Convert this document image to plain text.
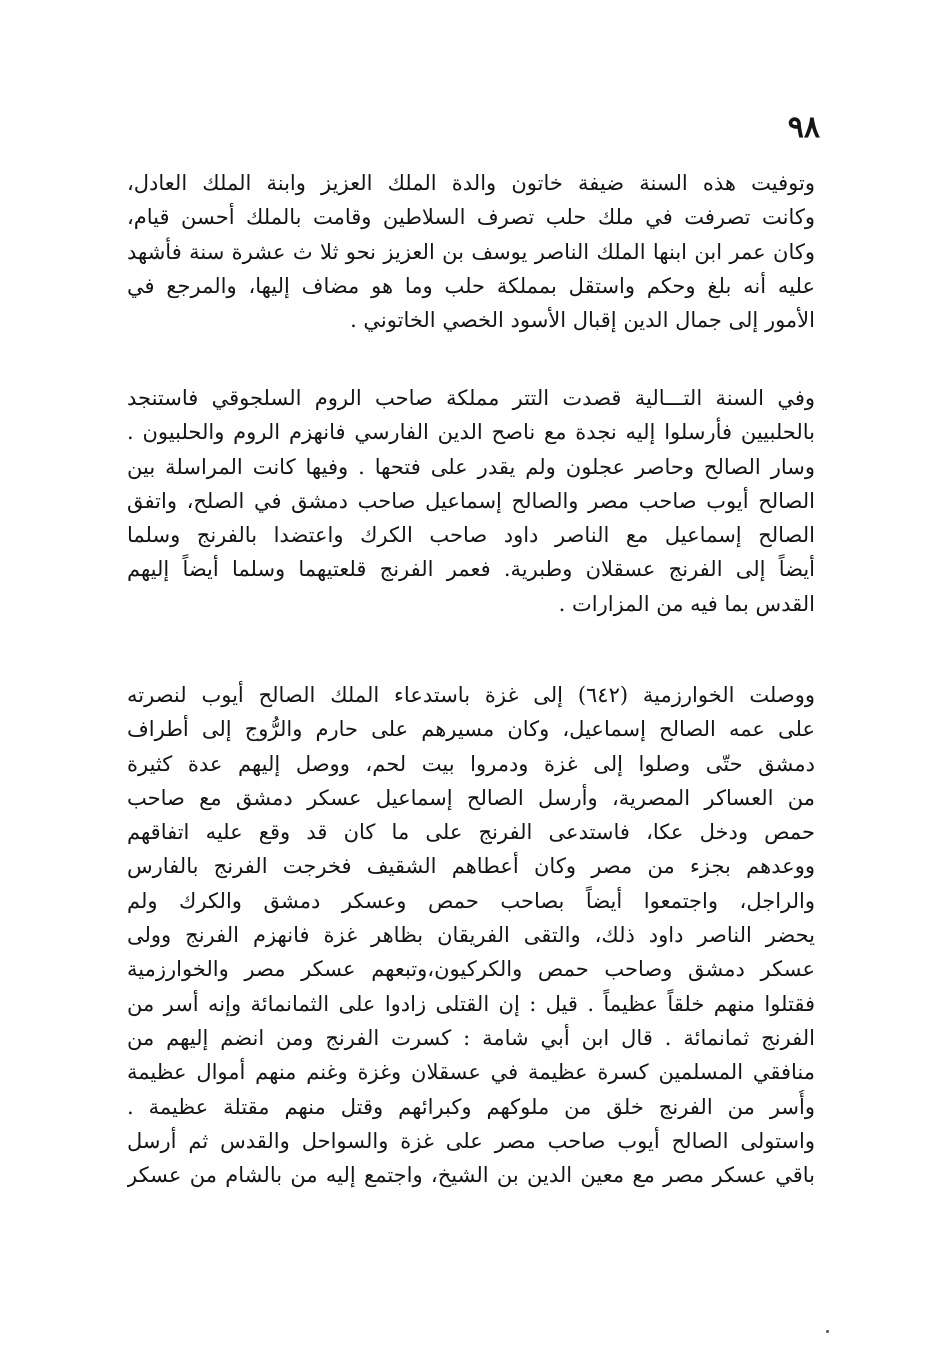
٩٨
وتوفيت هذه السنة ضيفة خاتون والدة الملك العزيز وابنة الملك العادل،
وكانت تصرفت في ملك حلب تصرف السلاطين وقامت بالملك أحسن قيام،
وكان عمر ابن ابنها الملك الناصر يوسف بن العزيز نحو ثلا ث عشرة سنة فأشهد
عليه أنه بلغ وحكم واستقل بمملكة حلب وما هو مضاف إليها، والمرجع في
الأمور إلى جمال الدين إقبال الأسود الخصي الخاتوني .
وفي السنة التـــالية قصدت التتر مملكة صاحب الروم السلجوقي فاستنجد
بالحلبيين فأرسلوا إليه نجدة مع ناصح الدين الفارسي فانهزم الروم والحلبيون .
وسار الصالح وحاصر عجلون ولم يقدر على فتحها . وفيها كانت المراسلة بين
الصالح أيوب صاحب مصر والصالح إسماعيل صاحب دمشق في الصلح، واتفق
الصالح إسماعيل مع الناصر داود صاحب الكرك واعتضدا بالفرنج وسلما
أيضاً إلى الفرنج عسقلان وطبرية. فعمر الفرنج قلعتيهما وسلما أيضاً إليهم
القدس بما فيه من المزارات .
ووصلت الخوارزمية (٦٤٢) إلى غزة باستدعاء الملك الصالح أيوب لنصرته
على عمه الصالح إسماعيل، وكان مسيرهم على حارم والرُّوج إلى أطراف
دمشق حتّى وصلوا إلى غزة ودمروا بيت لحم، ووصل إليهم عدة كثيرة
من العساكر المصرية، وأرسل الصالح إسماعيل عسكر دمشق مع صاحب
حمص ودخل عكا، فاستدعى الفرنج على ما كان قد وقع عليه اتفاقهم
ووعدهم بجزء من مصر وكان أعطاهم الشقيف فخرجت الفرنج بالفارس
والراجل، واجتمعوا أيضاً بصاحب حمص وعسكر دمشق والكرك ولم
يحضر الناصر داود ذلك، والتقى الفريقان بظاهر غزة فانهزم الفرنج وولى
عسكر دمشق وصاحب حمص والكركيون،وتبعهم عسكر مصر والخوارزمية
فقتلوا منهم خلقاً عظيماً . قيل : إن القتلى زادوا على الثمانمائة وإنه أسر من
الفرنج ثمانمائة . قال ابن أبي شامة : كسرت الفرنج ومن انضم إليهم من
منافقي المسلمين كسرة عظيمة في عسقلان وغزة وغنم منهم أموال عظيمة
وأُسر من الفرنج خلق من ملوكهم وكبرائهم وقتل منهم مقتلة عظيمة .
واستولى الصالح أيوب صاحب مصر على غزة والسواحل والقدس ثم أرسل
باقي عسكر مصر مع معين الدين بن الشيخ، واجتمع إليه من بالشام من عسكر
